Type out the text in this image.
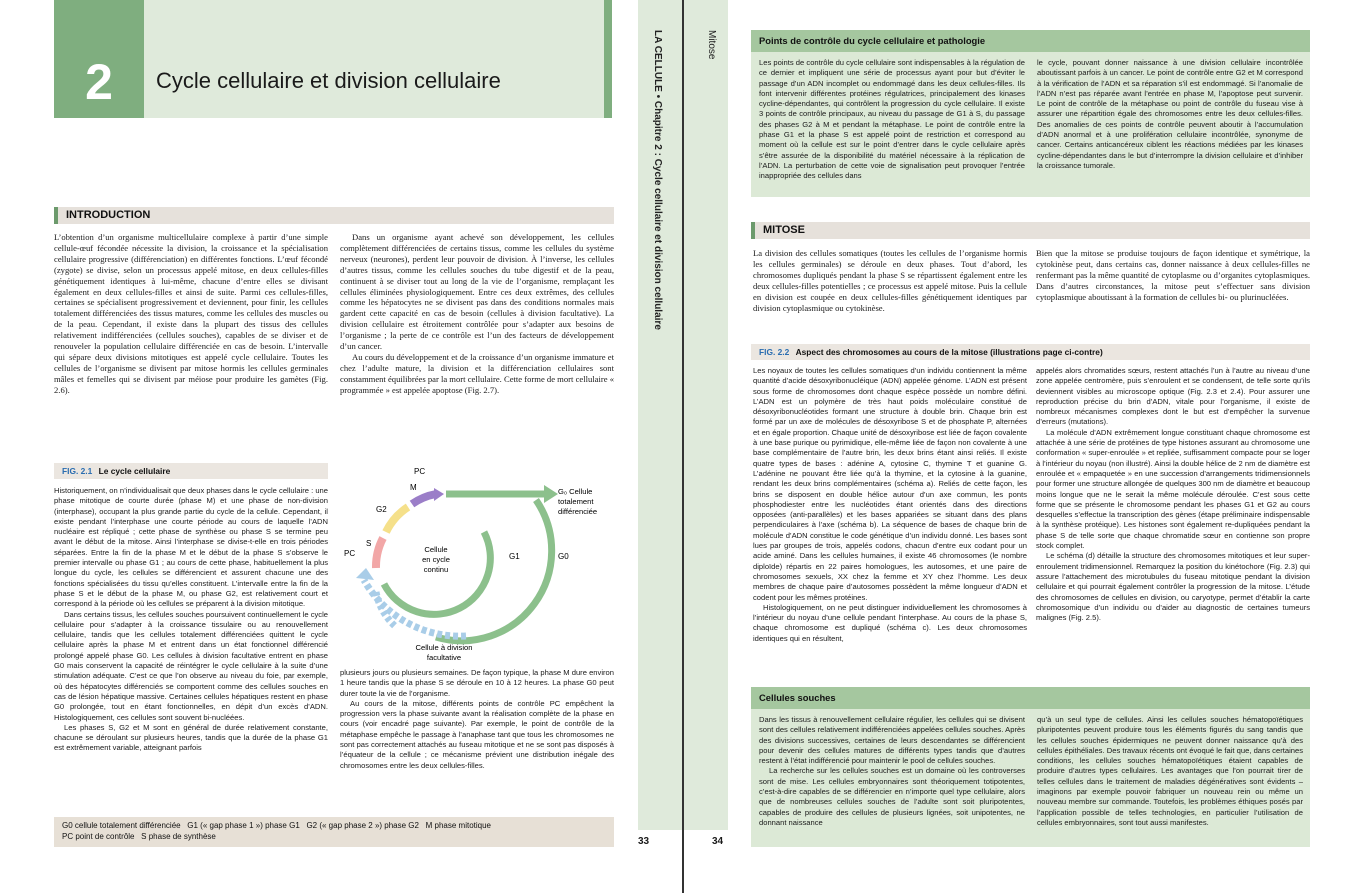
2	Cycle cellulaire et division cellulaire
INTRODUCTION

L’obtention d’un organisme multicellulaire complexe à partir d’une simple cellule-œuf fécondée nécessite la division, la croissance et la spécialisation cellulaire progressive (différenciation) en différentes fonctions. L’œuf fécondé (zygote) se divise, selon un processus appelé mitose, en deux cellules-filles génétiquement identiques à lui-même, chacune d’entre elles se divisant également en deux cellules-filles et ainsi de suite. Parmi ces cellules-filles, certaines se spécialisent progressivement et deviennent, pour finir, les cellules totalement différenciées des tissus matures, comme les cellules des muscles ou de la peau. Cependant, il existe dans la plupart des tissus des cellules relativement indifférenciées (cellules souches), capables de se diviser et de renouveler la population cellulaire différenciée en cas de besoin. L’intervalle qui sépare deux divisions mitotiques est appelé cycle cellulaire. Toutes les cellules de l’organisme se divisent par mitose hormis les cellules germinales mâles et femelles qui se divisent par méiose pour produire les gamètes (Fig. 2.6).

Dans un organisme ayant achevé son développement, les cellules complètement différenciées de certains tissus, comme les cellules du système nerveux (neurones), perdent leur pouvoir de division. À l’inverse, les cellules d’autres tissus, comme les cellules souches du tube digestif et de la peau, continuent à se diviser tout au long de la vie de l’organisme, remplaçant les cellules éliminées physiologiquement. Entre ces deux extrêmes, des cellules comme les hépatocytes ne se divisent pas dans des conditions normales mais gardent cette capacité en cas de besoin (cellules à division facultative). La division cellulaire est étroitement contrôlée pour s’adapter aux besoins de l’organisme ; la perte de ce contrôle est l’un des facteurs de développement d’un cancer.

Au cours du développement et de la croissance d’un organisme immature et chez l’adulte mature, la division et la différenciation cellulaires sont constamment équilibrées par la mort cellulaire. Cette forme de mort cellulaire « programmée » est appelée apoptose (Fig. 2.7).

FIG. 2.1 Le cycle cellulaire

Historiquement, on n’individualisait que deux phases dans le cycle cellulaire : une phase mitotique de courte durée (phase M) et une phase de non-division (interphase), occupant la plus grande partie du cycle de la cellule. Cependant, il existe pendant l’interphase une courte période au cours de laquelle l’ADN nucléaire est répliqué ; cette phase de synthèse ou phase S se termine peu avant le début de la mitose. Ainsi l’interphase se divise-t-elle en trois périodes séparées. Entre la fin de la phase M et le début de la phase S s’observe le premier intervalle ou phase G1 ; au cours de cette phase, habituellement la plus longue du cycle, les cellules se différencient et assurent chacune une des fonctions spécialisées du tissu qu’elles constituent. L’intervalle entre la fin de la phase S et le début de la phase M, ou phase G2, est relativement court et correspond à la période où les cellules se préparent à la division mitotique.

Dans certains tissus, les cellules souches poursuivent continuellement le cycle cellulaire pour s’adapter à la croissance tissulaire ou au renouvellement cellulaire, tandis que les cellules totalement différenciées quittent le cycle cellulaire après la phase M et entrent dans un état fonctionnel différencié prolongé appelé phase G0. Les cellules à division facultative entrent en phase G0 mais conservent la capacité de réintégrer le cycle cellulaire à la suite d’une stimulation adéquate. C’est ce que l’on observe au niveau du foie, par exemple, où des hépatocytes différenciés se comportent comme des cellules souches en cas de lésion hépatique massive. Certaines cellules hépatiques restent en phase G0 prolongée, tout en étant fonctionnelles, en dépit d’un excès d’ADN. Histologiquement, ces cellules sont souvent bi-nucléées.

Les phases S, G2 et M sont en général de durée relativement constante, chacune se déroulant sur plusieurs heures, tandis que la durée de la phase G1 est extrêmement variable, atteignant parfois

PC
M
G2
S
PC	G1	G0
Cellule en cycle continu
G₀ Cellule totalement différenciée
Cellule à division facultative

plusieurs jours ou plusieurs semaines. De façon typique, la phase M dure environ 1 heure tandis que la phase S se déroule en 10 à 12 heures. La phase G0 peut durer toute la vie de l’organisme.

Au cours de la mitose, différents points de contrôle PC empêchent la progression vers la phase suivante avant la réalisation complète de la phase en cours (voir encadré page suivante). Par exemple, le point de contrôle de la métaphase empêche le passage à l’anaphase tant que tous les chromosomes ne sont pas correctement attachés au fuseau mitotique et ne se sont pas disposés à l’équateur de la cellule ; ce mécanisme prévient une distribution inégale des chromosomes entre les deux cellules-filles.

G0 cellule totalement différenciée   G1 (« gap phase 1 ») phase G1   G2 (« gap phase 2 ») phase G2   M phase mitotique
PC point de contrôle   S phase de synthèse
LA CELLULE • Chapitre 2 : Cycle cellulaire et division cellulaire
33
Mitose
34
Points de contrôle du cycle cellulaire et pathologie
Les points de contrôle du cycle cellulaire sont indispensables à la régulation de ce dernier et impliquent une série de processus ayant pour but d’éviter le passage d’un ADN incomplet ou endommagé dans les deux cellules-filles. Ils font intervenir différentes protéines régulatrices, principalement des kinases cycline-dépendantes, qui contrôlent la progression du cycle cellulaire. Il existe 3 points de contrôle principaux, au niveau du passage de G1 à S, du passage des phases G2 à M et pendant la métaphase. Le point de contrôle entre la phase G1 et la phase S est appelé point de restriction et correspond au moment où la cellule est sur le point d’entrer dans le cycle cellulaire après s’être assurée de la disponibilité du matériel nécessaire à la réplication de l’ADN. La perturbation de cette voie de signalisation peut provoquer l’entrée inappropriée des cellules dans
le cycle, pouvant donner naissance à une division cellulaire incontrôlée aboutissant parfois à un cancer. Le point de contrôle entre G2 et M correspond à la vérification de l’ADN et sa réparation s’il est endommagé. Si l’anomalie de l’ADN n’est pas réparée avant l’entrée en phase M, l’apoptose peut survenir. Le point de contrôle de la métaphase ou point de contrôle du fuseau vise à assurer une répartition égale des chromosomes entre les deux cellules-filles. Des anomalies de ces points de contrôle peuvent aboutir à l’accumulation d’ADN anormal et à une prolifération cellulaire incontrôlée, synonyme de cancer. Certains anticancéreux ciblent les réactions médiées par les kinases cycline-dépendantes dans le but d’interrompre la division cellulaire et d’inhiber la croissance tumorale.
MITOSE
La division des cellules somatiques (toutes les cellules de l’organisme hormis les cellules germinales) se déroule en deux phases. Tout d’abord, les chromosomes dupliqués pendant la phase S se répartissent également entre les deux cellules-filles potentielles ; ce processus est appelé mitose. Puis la cellule en division est coupée en deux cellules-filles génétiquement identiques par division cytoplasmique ou cytokinèse.
Bien que la mitose se produise toujours de façon identique et symétrique, la cytokinèse peut, dans certains cas, donner naissance à deux cellules-filles ne renfermant pas la même quantité de cytoplasme ou d’organites cytoplasmiques. Dans d’autres circonstances, la mitose peut s’effectuer sans division cytoplasmique aboutissant à la formation de cellules bi- ou plurinucléées.
FIG. 2.2 Aspect des chromosomes au cours de la mitose (illustrations page ci-contre)

Les noyaux de toutes les cellules somatiques d’un individu contiennent la même quantité d’acide désoxyribonucléique (ADN) appelée génome. L’ADN est présent sous forme de chromosomes dont chaque espèce possède un nombre défini. L’ADN est un polymère de très haut poids moléculaire constitué de désoxyribonucléotides formant une structure à double brin. Chaque brin est formé par un axe de molécules de désoxyribose S et de phosphate P, alternées et en égale proportion. Chaque unité de désoxyribose est liée de façon covalente à une base purique ou pyrimidique, elle-même liée de façon non covalente à une base complémentaire de l’autre brin, les deux brins étant ainsi reliés. Il existe quatre types de bases : adénine A, cytosine C, thymine T et guanine G. L’adénine ne pouvant être liée qu’à la thymine, et la cytosine à la guanine, rendant les deux brins complémentaires (schéma a). Reliés de cette façon, les brins se disposent en double hélice autour d’un axe commun, les ponts phosphodiester entre les nucléotides étant orientés dans des directions opposées (anti-parallèles) et les bases appariées se situant dans des plans perpendiculaires à l’axe (schéma b). La séquence de bases de chaque brin de molécule d’ADN constitue le code génétique d’un individu donné. Les bases sont lues par groupes de trois, appelés codons, chacun d’entre eux codant pour un acide aminé. Dans les cellules humaines, il existe 46 chromosomes (le nombre diploïde) répartis en 22 paires homologues, les autosomes, et une paire de chromosomes sexuels, XX chez la femme et XY chez l’homme. Les deux membres de chaque paire d’autosomes possèdent la même longueur d’ADN et codent pour les mêmes protéines.

Histologiquement, on ne peut distinguer individuellement les chromosomes à l’intérieur du noyau d’une cellule pendant l’interphase. Au cours de la phase S, chaque chromosome est dupliqué (schéma c). Les deux chromosomes identiques qui en résultent,

appelés alors chromatides sœurs, restent attachés l’un à l’autre au niveau d’une zone appelée centromère, puis s’enroulent et se condensent, de telle sorte qu’ils deviennent visibles au microscope optique (Fig. 2.3 et 2.4). Pour assurer une reproduction précise du brin d’ADN, vitale pour l’organisme, il existe de nombreux mécanismes complexes dont le but est d’empêcher la survenue d’erreurs (mutations).

La molécule d’ADN extrêmement longue constituant chaque chromosome est attachée à une série de protéines de type histones assurant au chromosome une conformation « super-enroulée » et repliée, suffisamment compacte pour se loger à l’intérieur du noyau (non illustré). Ainsi la double hélice de 2 nm de diamètre est enroulée et « empaquetée » en une succession d’arrangements tridimensionnels pour former une structure allongée de quelques 300 nm de diamètre et beaucoup moins longue que ne le serait la même molécule déroulée. C’est sous cette forme que se présente le chromosome pendant les phases G1 et G2 au cours desquelles s’effectue la transcription des gènes (étape préliminaire indispensable à la synthèse protéique). Les histones sont également re-dupliquées pendant la phase S de telle sorte que chaque chromatide sœur en contienne son propre stock complet.

Le schéma (d) détaille la structure des chromosomes mitotiques et leur super-enroulement tridimensionnel. Remarquez la position du kinétochore (Fig. 2.3) qui assure l’attachement des microtubules du fuseau mitotique pendant la division cellulaire et qui pourrait également contrôler la progression de la mitose. L’étude des chromosomes de cellules en division, ou caryotype, permet d’établir la carte chromosomique d’un individu ou d’aider au diagnostic de certaines tumeurs malignes (Fig. 2.5).

Cellules souches

Dans les tissus à renouvellement cellulaire régulier, les cellules qui se divisent sont des cellules relativement indifférenciées appelées cellules souches. Après des divisions successives, certaines de leurs descendantes se différencient pour devenir des cellules matures de différents types tandis que d’autres restent à l’état indifférencié pour maintenir le pool de cellules souches.

La recherche sur les cellules souches est un domaine où les controverses sont de mise. Les cellules embryonnaires sont théoriquement totipotentes, c’est-à-dire capables de se différencier en n’importe quel type cellulaire, alors que de nombreuses cellules souches de l’adulte sont soit pluripotentes, capables de produire des cellules de plusieurs lignées, soit unipotentes, ne donnant naissance

qu’à un seul type de cellules. Ainsi les cellules souches hématopoïétiques pluripotentes peuvent produire tous les éléments figurés du sang tandis que les cellules souches épidermiques ne peuvent donner naissance qu’à des cellules épithéliales. Des travaux récents ont évoqué le fait que, dans certaines conditions, les cellules souches hématopoïétiques étaient capables de produire d’autres types cellulaires. Les avantages que l’on pourrait tirer de telles cellules dans le traitement de maladies dégénératives sont évidents – imaginons par exemple pouvoir fabriquer un nouveau rein ou même un nouveau membre sur commande. Toutefois, les problèmes éthiques posés par l’application possible de telles technologies, en particulier l’utilisation de cellules embryonnaires, sont tout aussi manifestes.
